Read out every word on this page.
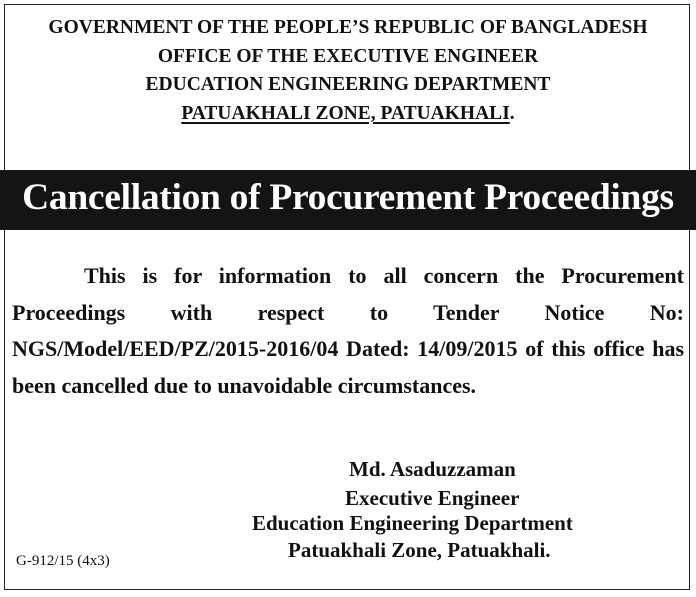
GOVERNMENT OF THE PEOPLE’S REPUBLIC OF BANGLADESH
OFFICE OF THE EXECUTIVE ENGINEER
EDUCATION ENGINEERING DEPARTMENT
PATUAKHALI ZONE, PATUAKHALI.
Cancellation of Procurement Proceedings
This is for information to all concern the Procurement Proceedings with respect to Tender Notice No: NGS/Model/EED/PZ/2015-2016/04 Dated: 14/09/2015 of this office has been cancelled due to unavoidable circumstances.
Md. Asaduzzaman
Executive Engineer
Education Engineering Department
Patuakhali Zone, Patuakhali.
G-912/15 (4x3)
